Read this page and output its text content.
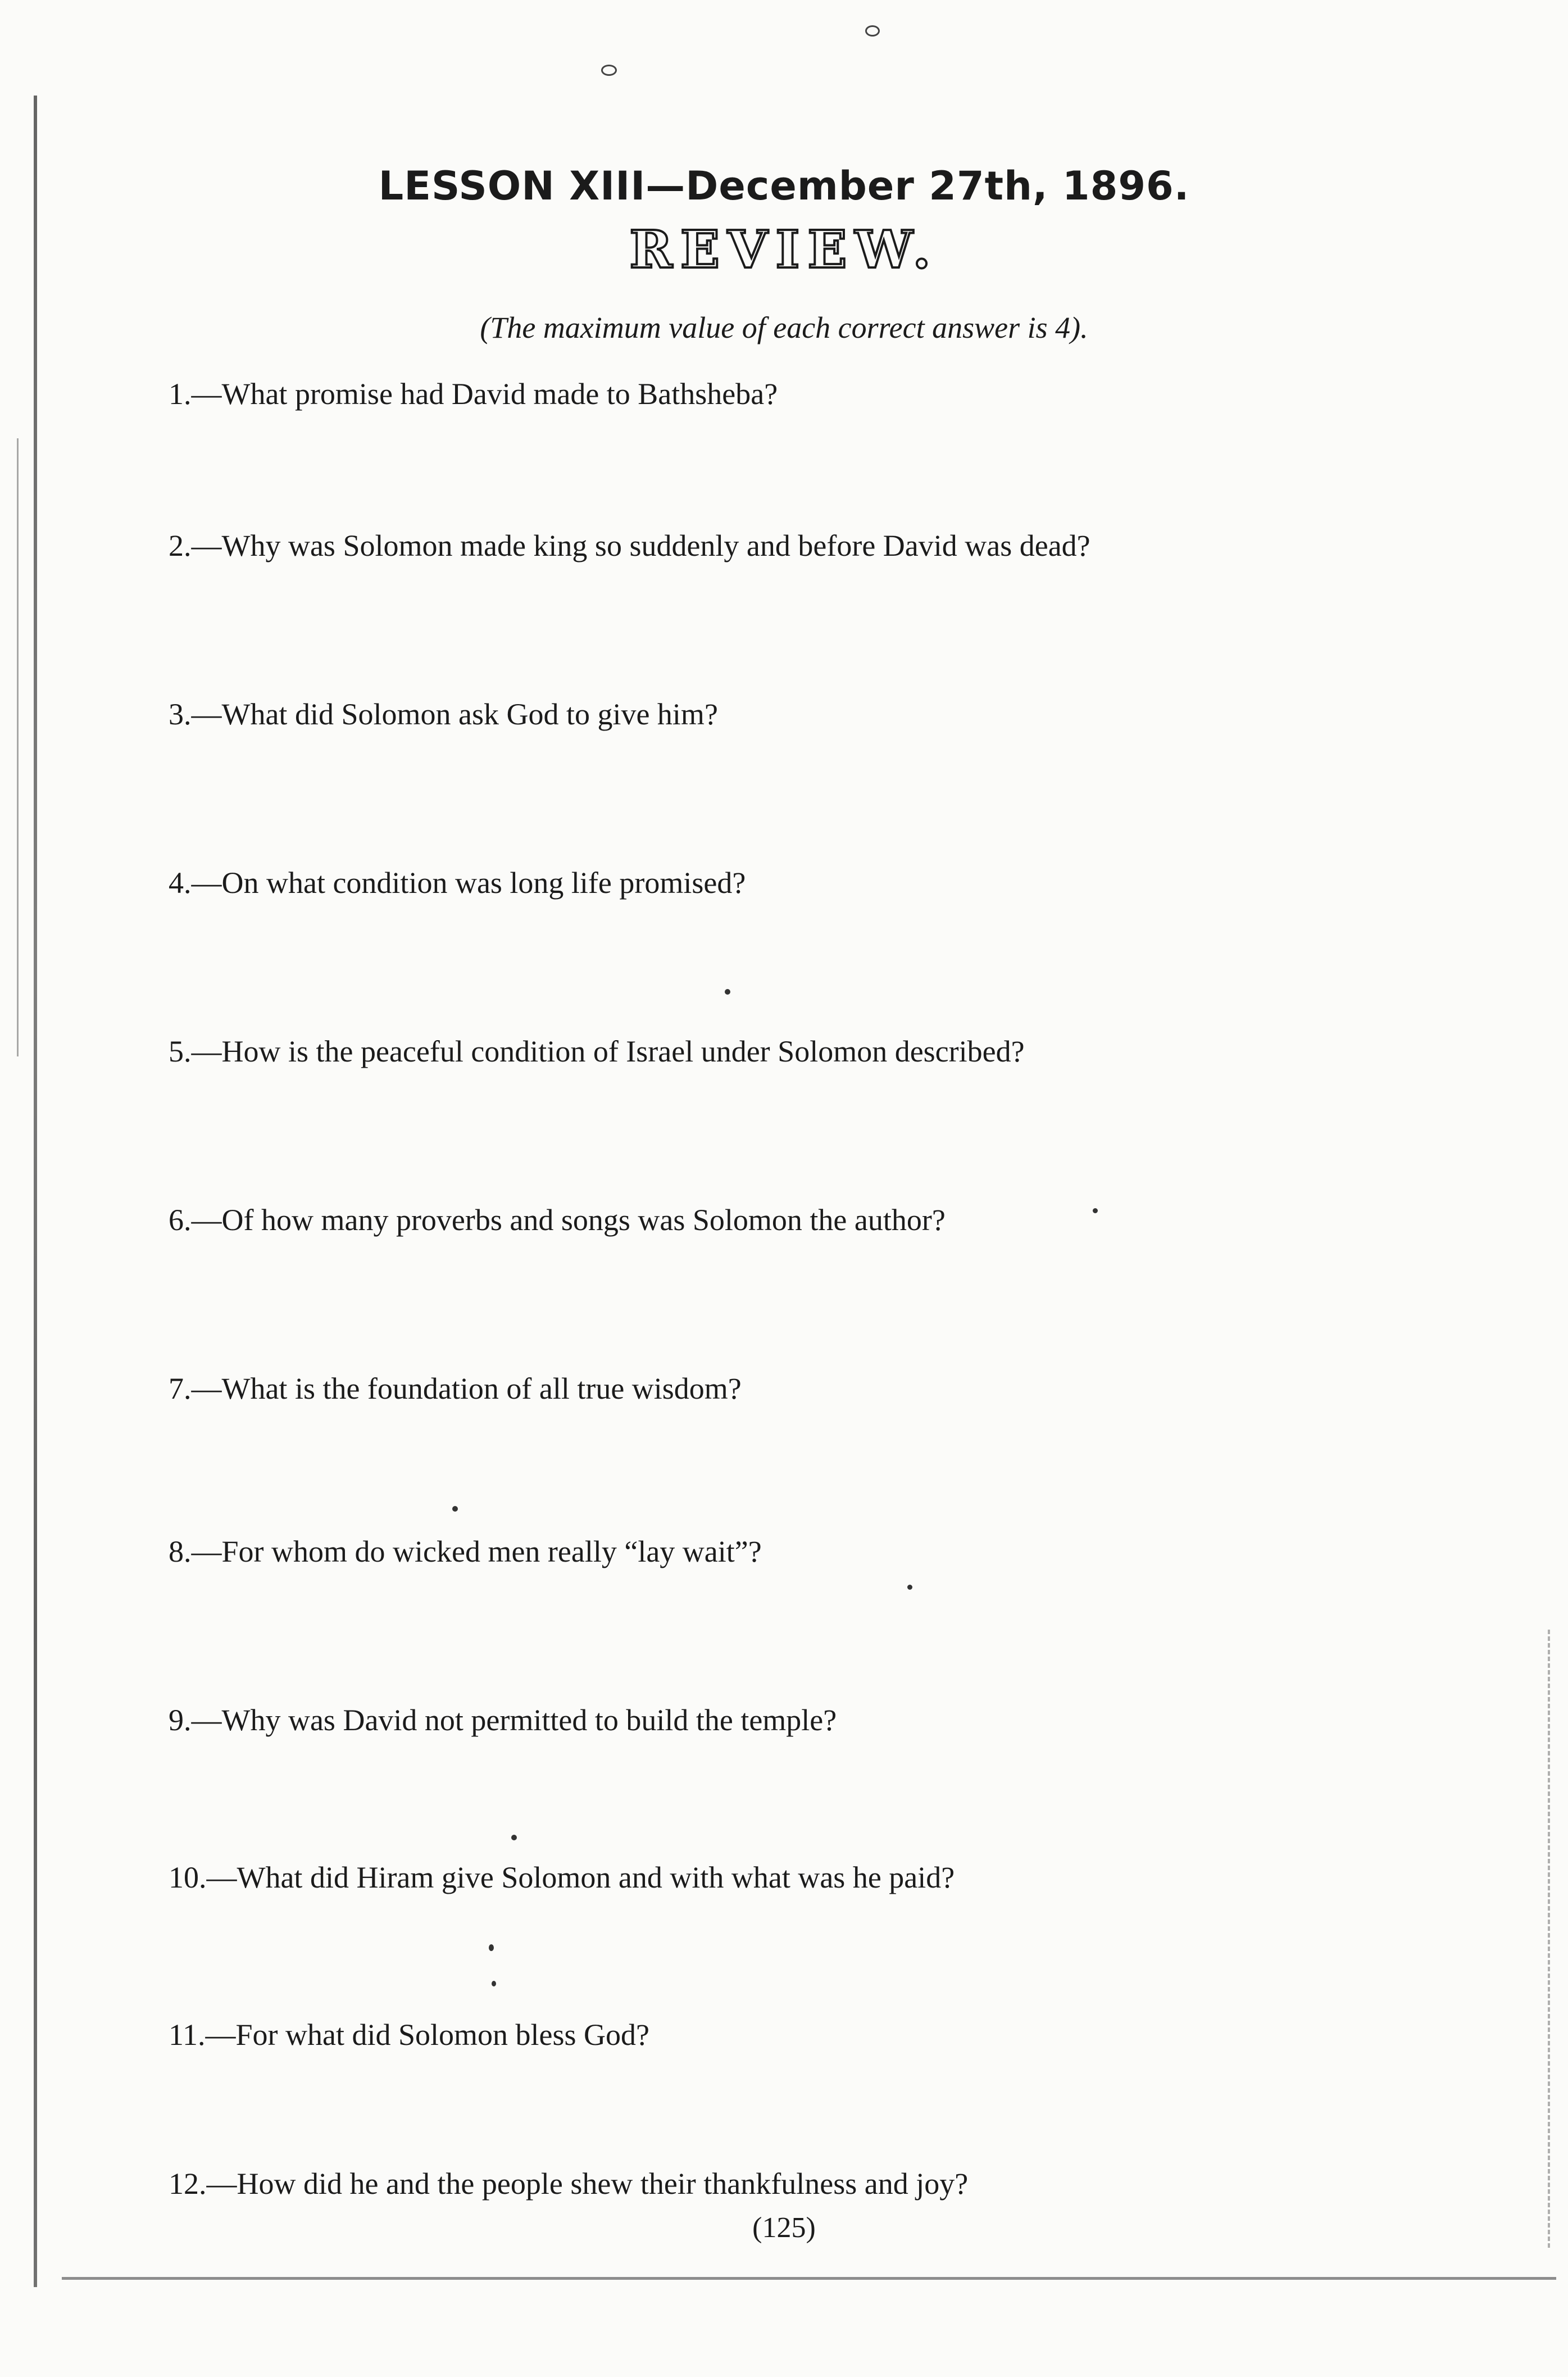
LESSON XIII—December 27th, 1896.
REVIEW.
(The maximum value of each correct answer is 4).
1.—What promise had David made to Bathsheba?
2.—Why was Solomon made king so suddenly and before David was dead?
3.—What did Solomon ask God to give him?
4.—On what condition was long life promised?
5.—How is the peaceful condition of Israel under Solomon described?
6.—Of how many proverbs and songs was Solomon the author?
7.—What is the foundation of all true wisdom?
8.—For whom do wicked men really “lay wait”?
9.—Why was David not permitted to build the temple?
10.—What did Hiram give Solomon and with what was he paid?
11.—For what did Solomon bless God?
12.—How did he and the people shew their thankfulness and joy?
(125)
